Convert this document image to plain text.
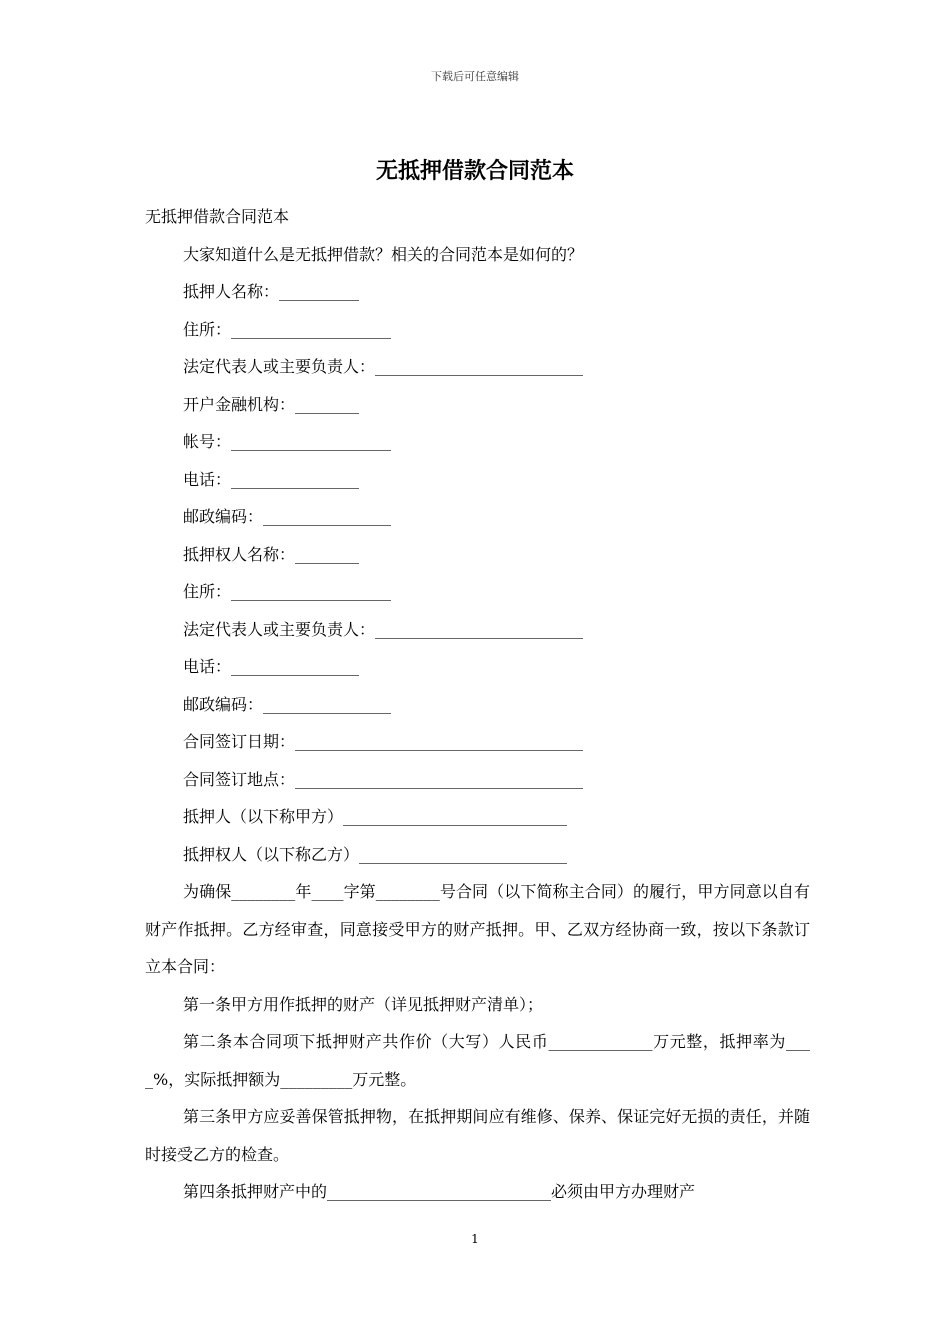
下载后可任意编辑
无抵押借款合同范本
无抵押借款合同范本
大家知道什么是无抵押借款？相关的合同范本是如何的？
抵押人名称：__________
住所：____________________
法定代表人或主要负责人：__________________________
开户金融机构：________
帐号：____________________
电话：________________
邮政编码：________________
抵押权人名称：________
住所：____________________
法定代表人或主要负责人：__________________________
电话：________________
邮政编码：________________
合同签订日期：____________________________________
合同签订地点：____________________________________
抵押人（以下称甲方）____________________________
抵押权人（以下称乙方）__________________________
为确保________年____字第________号合同（以下简称主合同）的履行，甲方同意以自有财产作抵押。乙方经审查，同意接受甲方的财产抵押。甲、乙双方经协商一致，按以下条款订立本合同：
第一条甲方用作抵押的财产（详见抵押财产清单）；
第二条本合同项下抵押财产共作价（大写）人民币_____________万元整，抵押率为____%，实际抵押额为_________万元整。
第三条甲方应妥善保管抵押物，在抵押期间应有维修、保养、保证完好无损的责任，并随时接受乙方的检查。
第四条抵押财产中的____________________________必须由甲方办理财产
1
